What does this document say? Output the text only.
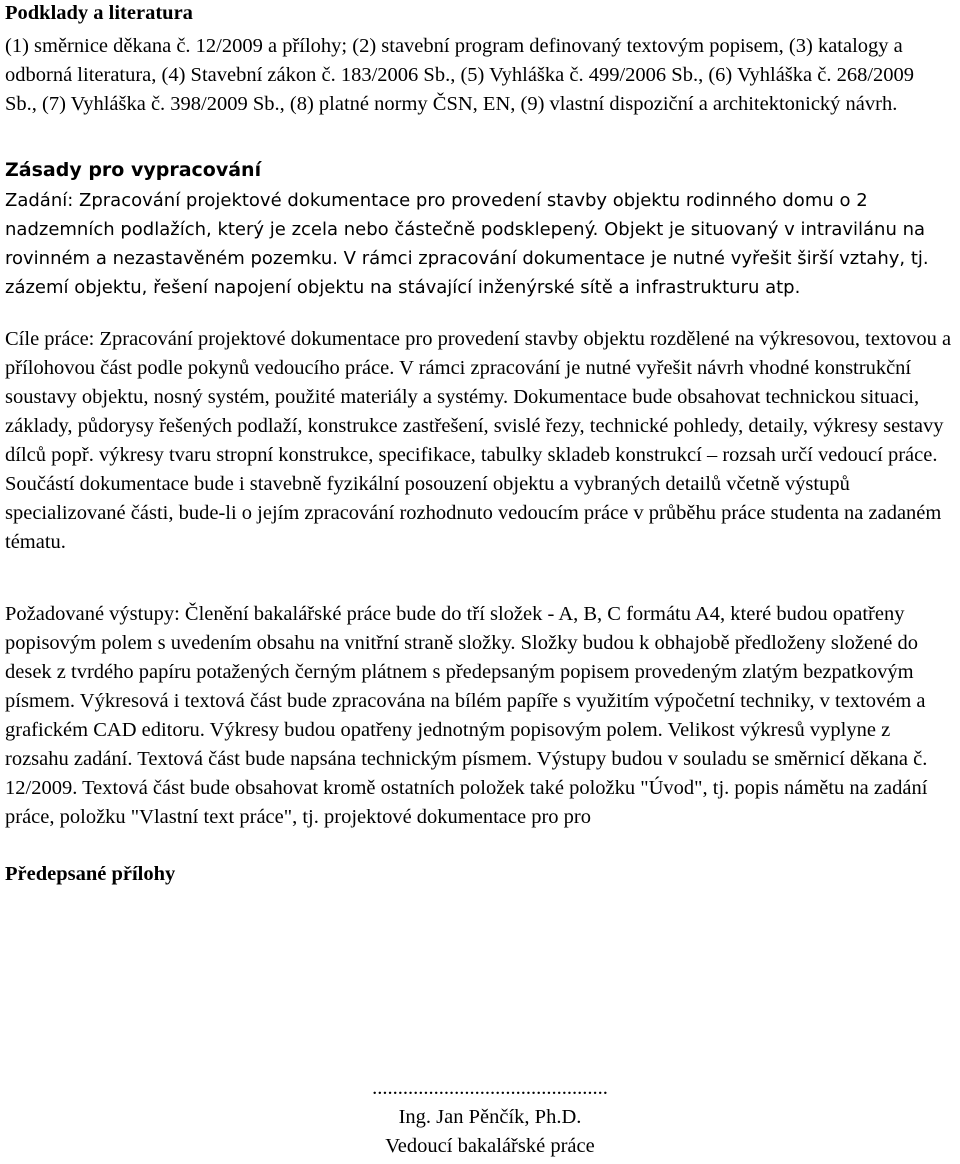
Podklady a literatura

(1) směrnice děkana č. 12/2009 a přílohy; (2) stavební program definovaný textovým popisem, (3) katalogy a odborná literatura, (4) Stavební zákon č. 183/2006 Sb., (5) Vyhláška č. 499/2006 Sb., (6) Vyhláška č. 268/2009 Sb., (7) Vyhláška č. 398/2009 Sb., (8) platné normy ČSN, EN, (9) vlastní dispoziční a architektonický návrh.

Zásady pro vypracování

Zadání: Zpracování projektové dokumentace pro provedení stavby objektu rodinného domu o 2 nadzemních podlažích, který je zcela nebo částečně podsklepený. Objekt je situovaný v intravilánu na rovinném a nezastavěném pozemku. V rámci zpracování dokumentace je nutné vyřešit širší vztahy, tj. zázemí objektu, řešení napojení objektu na stávající inženýrské sítě a infrastrukturu atp.

Cíle práce: Zpracování projektové dokumentace pro provedení stavby objektu rozdělené na výkresovou, textovou a přílohovou část podle pokynů vedoucího práce. V rámci zpracování je nutné vyřešit návrh vhodné konstrukční soustavy objektu, nosný systém, použité materiály a systémy. Dokumentace bude obsahovat technickou situaci, základy, půdorysy řešených podlaží, konstrukce zastřešení, svislé řezy, technické pohledy, detaily, výkresy sestavy dílců popř. výkresy tvaru stropní konstrukce, specifikace, tabulky skladeb konstrukcí – rozsah určí vedoucí práce. Součástí dokumentace bude i stavebně fyzikální posouzení objektu a vybraných detailů včetně výstupů specializované části, bude-li o jejím zpracování rozhodnuto vedoucím práce v průběhu práce studenta na zadaném tématu.

Požadované výstupy: Členění bakalářské práce bude do tří složek - A, B, C formátu A4, které budou opatřeny popisovým polem s uvedením obsahu na vnitřní straně složky. Složky budou k obhajobě předloženy složené do desek z tvrdého papíru potažených černým plátnem s předepsaným popisem provedeným zlatým bezpatkovým písmem. Výkresová i textová část bude zpracována na bílém papíře s využitím výpočetní techniky, v textovém a grafickém CAD editoru. Výkresy budou opatřeny jednotným popisovým polem. Velikost výkresů vyplyne z rozsahu zadání. Textová část bude napsána technickým písmem. Výstupy budou v souladu se směrnicí děkana č. 12/2009. Textová část bude obsahovat kromě ostatních položek také položku "Úvod", tj. popis námětu na zadání práce, položku "Vlastní text práce", tj. projektové dokumentace pro pro

Předepsané přílohy
..............................................
Ing. Jan Pěnčík, Ph.D.
Vedoucí bakalářské práce
